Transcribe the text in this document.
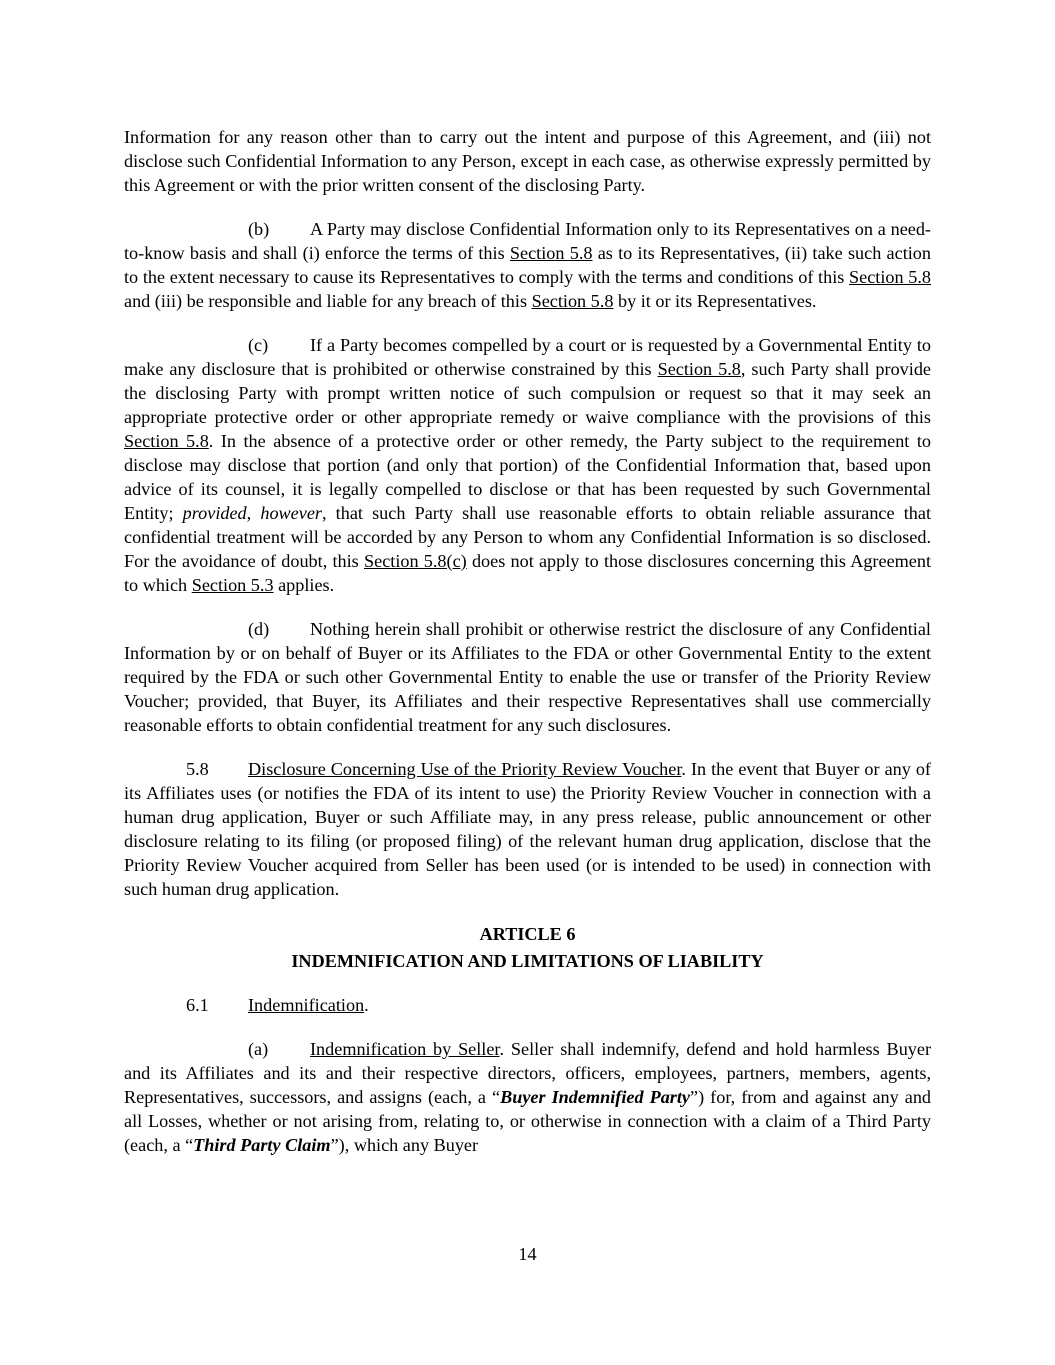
Information for any reason other than to carry out the intent and purpose of this Agreement, and (iii) not disclose such Confidential Information to any Person, except in each case, as otherwise expressly permitted by this Agreement or with the prior written consent of the disclosing Party.

(b) A Party may disclose Confidential Information only to its Representatives on a need-to-know basis and shall (i) enforce the terms of this Section 5.8 as to its Representatives, (ii) take such action to the extent necessary to cause its Representatives to comply with the terms and conditions of this Section 5.8 and (iii) be responsible and liable for any breach of this Section 5.8 by it or its Representatives.

(c) If a Party becomes compelled by a court or is requested by a Governmental Entity to make any disclosure that is prohibited or otherwise constrained by this Section 5.8, such Party shall provide the disclosing Party with prompt written notice of such compulsion or request so that it may seek an appropriate protective order or other appropriate remedy or waive compliance with the provisions of this Section 5.8. In the absence of a protective order or other remedy, the Party subject to the requirement to disclose may disclose that portion (and only that portion) of the Confidential Information that, based upon advice of its counsel, it is legally compelled to disclose or that has been requested by such Governmental Entity; provided, however, that such Party shall use reasonable efforts to obtain reliable assurance that confidential treatment will be accorded by any Person to whom any Confidential Information is so disclosed. For the avoidance of doubt, this Section 5.8(c) does not apply to those disclosures concerning this Agreement to which Section 5.3 applies.

(d) Nothing herein shall prohibit or otherwise restrict the disclosure of any Confidential Information by or on behalf of Buyer or its Affiliates to the FDA or other Governmental Entity to the extent required by the FDA or such other Governmental Entity to enable the use or transfer of the Priority Review Voucher; provided, that Buyer, its Affiliates and their respective Representatives shall use commercially reasonable efforts to obtain confidential treatment for any such disclosures.

5.8 Disclosure Concerning Use of the Priority Review Voucher. In the event that Buyer or any of its Affiliates uses (or notifies the FDA of its intent to use) the Priority Review Voucher in connection with a human drug application, Buyer or such Affiliate may, in any press release, public announcement or other disclosure relating to its filing (or proposed filing) of the relevant human drug application, disclose that the Priority Review Voucher acquired from Seller has been used (or is intended to be used) in connection with such human drug application.

ARTICLE 6

INDEMNIFICATION AND LIMITATIONS OF LIABILITY

6.1 Indemnification.

(a) Indemnification by Seller. Seller shall indemnify, defend and hold harmless Buyer and its Affiliates and its and their respective directors, officers, employees, partners, members, agents, Representatives, successors, and assigns (each, a “Buyer Indemnified Party”) for, from and against any and all Losses, whether or not arising from, relating to, or otherwise in connection with a claim of a Third Party (each, a “Third Party Claim”), which any Buyer

14
